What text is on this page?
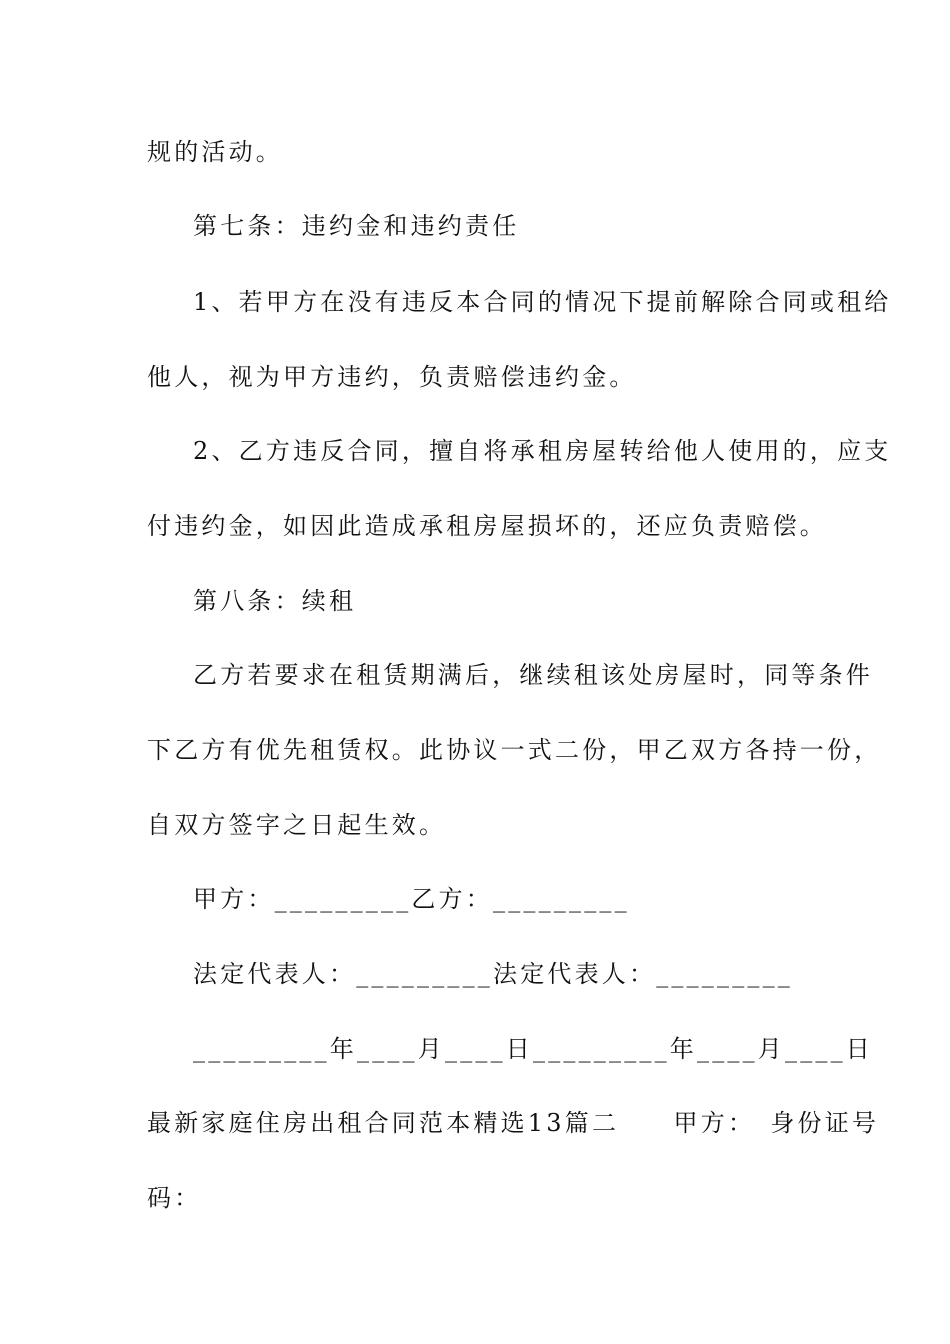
规的活动。
第七条：违约金和违约责任
1、若甲方在没有违反本合同的情况下提前解除合同或租给
他人，视为甲方违约，负责赔偿违约金。
2、乙方违反合同，擅自将承租房屋转给他人使用的，应支
付违约金，如因此造成承租房屋损坏的，还应负责赔偿。
第八条：续租
乙方若要求在租赁期满后，继续租该处房屋时，同等条件
下乙方有优先租赁权。此协议一式二份，甲乙双方各持一份，
自双方签字之日起生效。
甲方：_________乙方：_________
法定代表人：_________法定代表人：_________
_________年____月____日_________年____月____日
最新家庭住房出租合同范本精选13篇二　　甲方：　身份证号
码：
